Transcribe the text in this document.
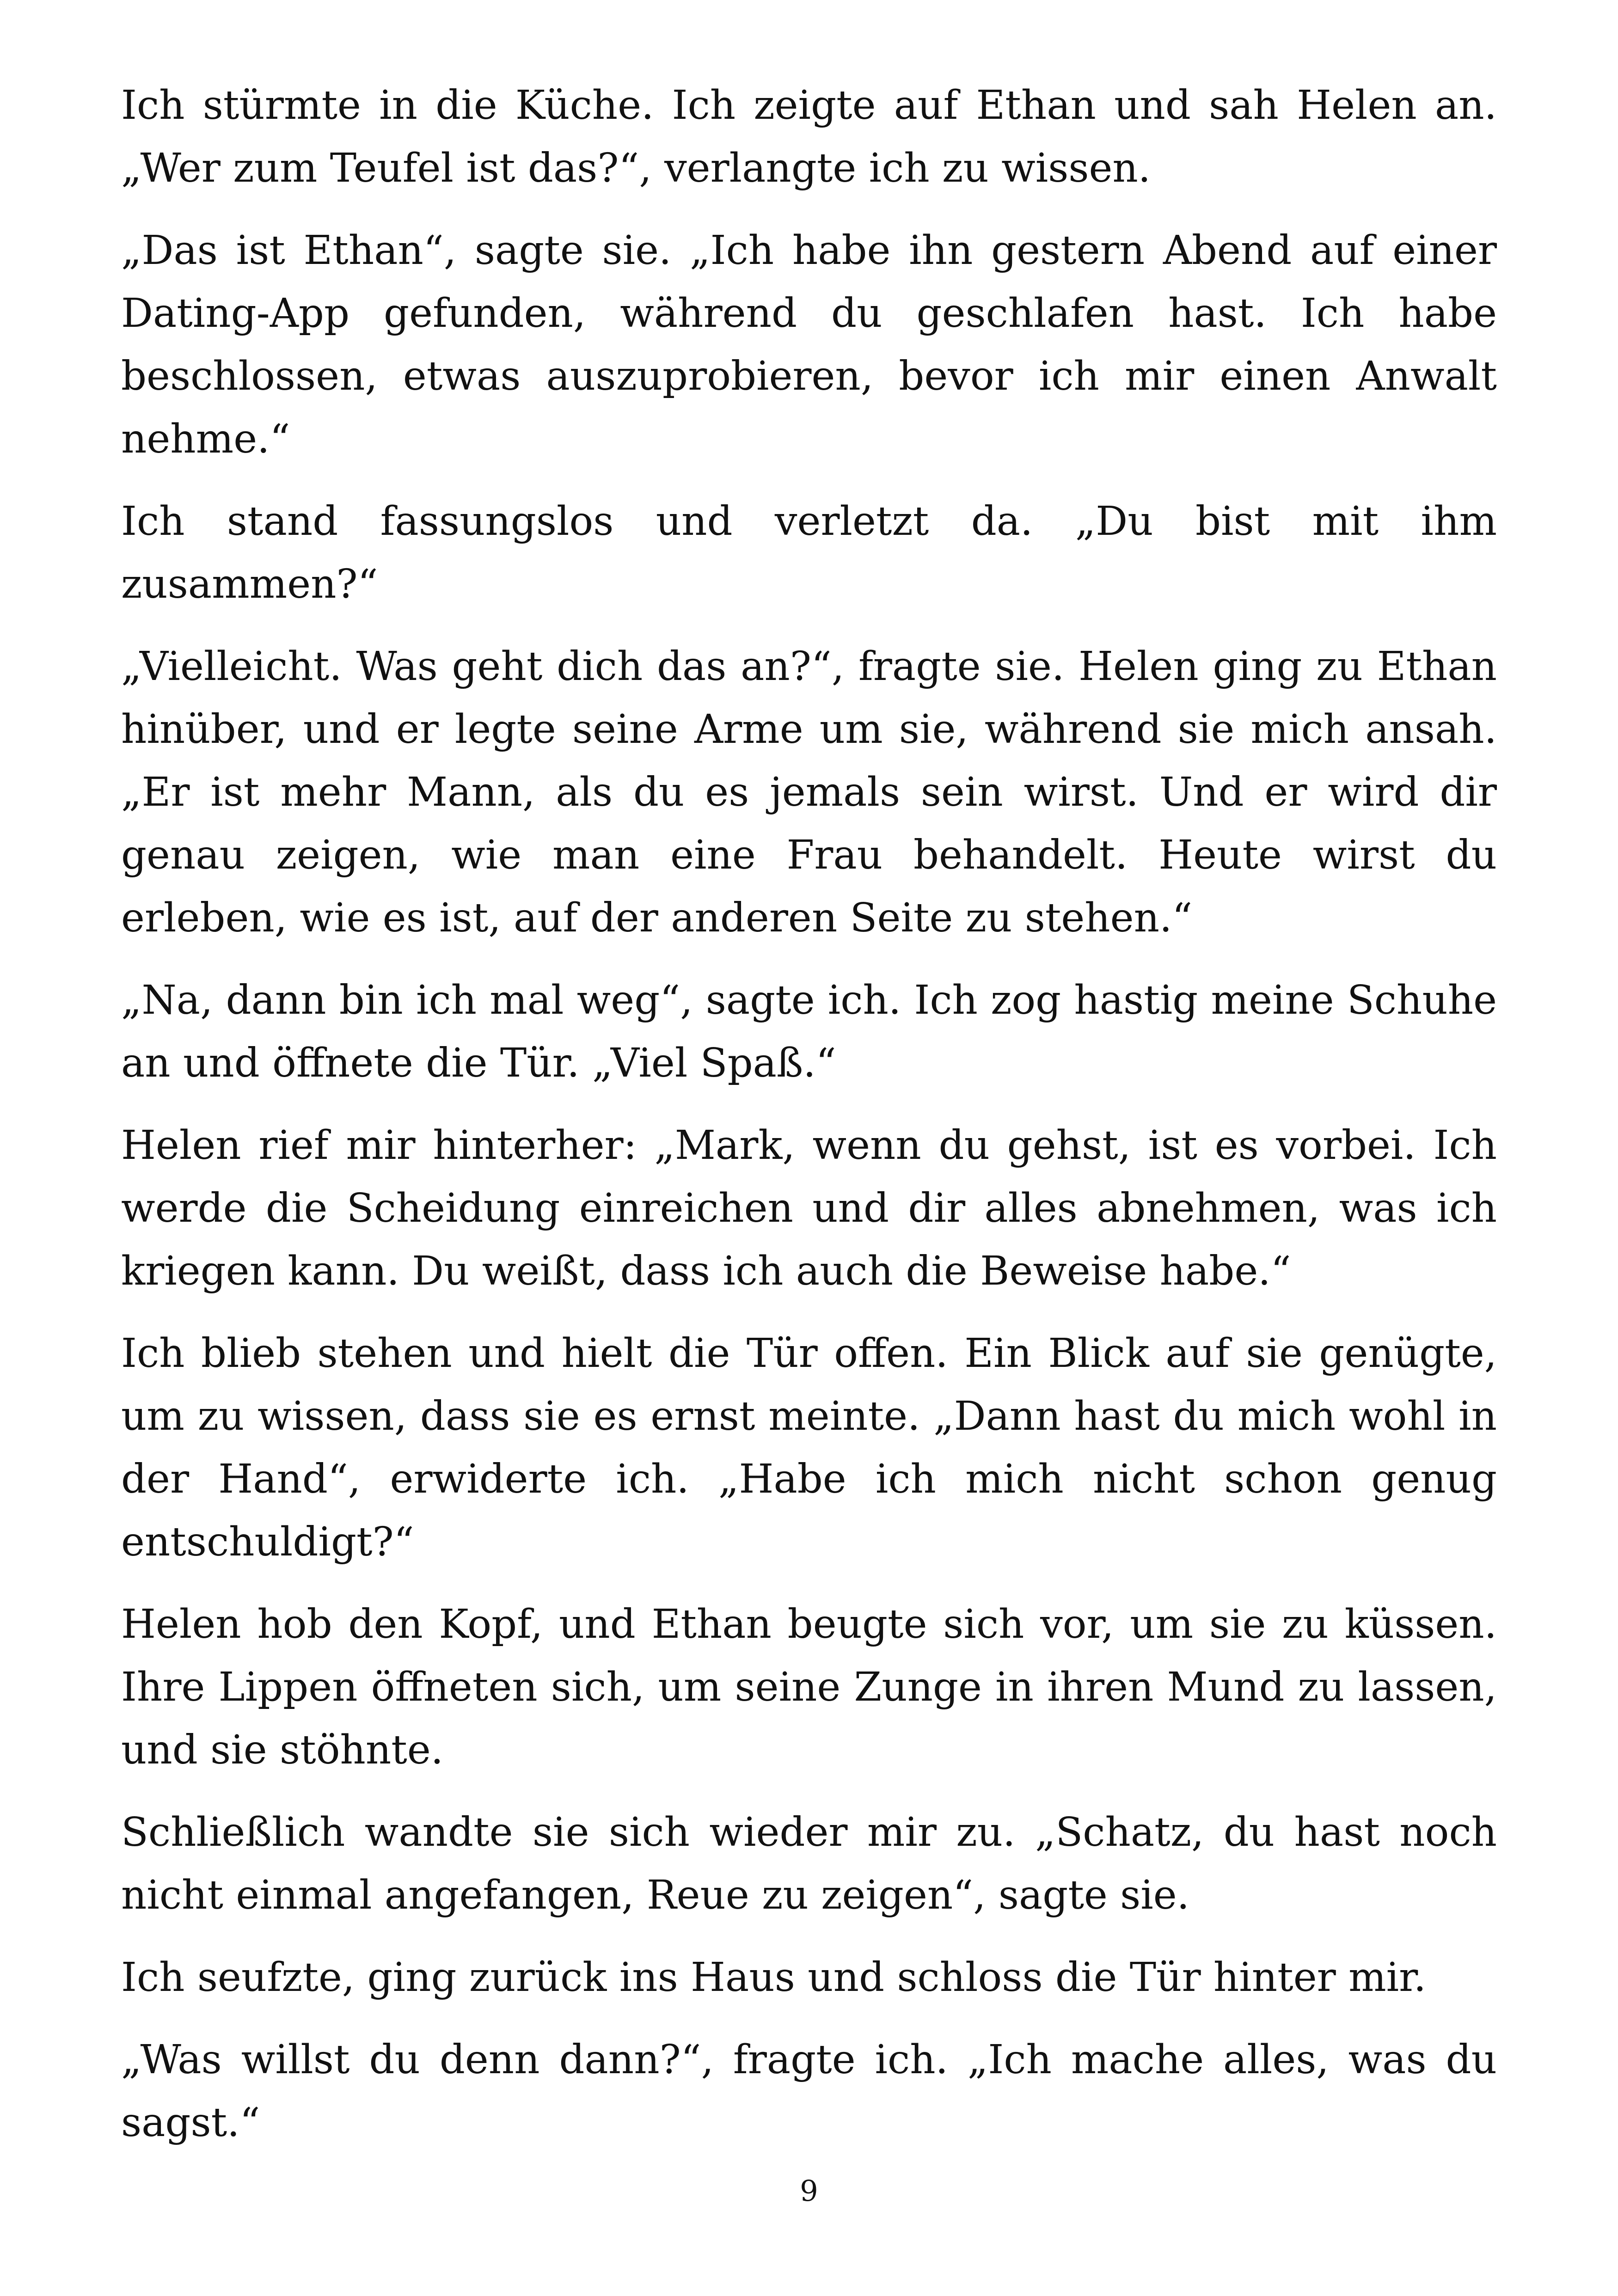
Ich stürmte in die Küche. Ich zeigte auf Ethan und sah Helen an. „Wer zum Teufel ist das?“, verlangte ich zu wissen.

„Das ist Ethan“, sagte sie. „Ich habe ihn gestern Abend auf einer Dating-App gefunden, während du geschlafen hast. Ich habe beschlossen, etwas auszuprobieren, bevor ich mir einen Anwalt nehme.“

Ich stand fassungslos und verletzt da. „Du bist mit ihm zusammen?“

„Vielleicht. Was geht dich das an?“, fragte sie. Helen ging zu Ethan hinüber, und er legte seine Arme um sie, während sie mich ansah. „Er ist mehr Mann, als du es jemals sein wirst. Und er wird dir genau zeigen, wie man eine Frau behandelt. Heute wirst du erleben, wie es ist, auf der anderen Seite zu stehen.“

„Na, dann bin ich mal weg“, sagte ich. Ich zog hastig meine Schuhe an und öffnete die Tür. „Viel Spaß.“

Helen rief mir hinterher: „Mark, wenn du gehst, ist es vorbei. Ich werde die Scheidung einreichen und dir alles abnehmen, was ich kriegen kann. Du weißt, dass ich auch die Beweise habe.“

Ich blieb stehen und hielt die Tür offen. Ein Blick auf sie genügte, um zu wissen, dass sie es ernst meinte. „Dann hast du mich wohl in der Hand“, erwiderte ich. „Habe ich mich nicht schon genug entschuldigt?“

Helen hob den Kopf, und Ethan beugte sich vor, um sie zu küssen. Ihre Lippen öffneten sich, um seine Zunge in ihren Mund zu lassen, und sie stöhnte.

Schließlich wandte sie sich wieder mir zu. „Schatz, du hast noch nicht einmal angefangen, Reue zu zeigen“, sagte sie.

Ich seufzte, ging zurück ins Haus und schloss die Tür hinter mir.

„Was willst du denn dann?“, fragte ich. „Ich mache alles, was du sagst.“

9
